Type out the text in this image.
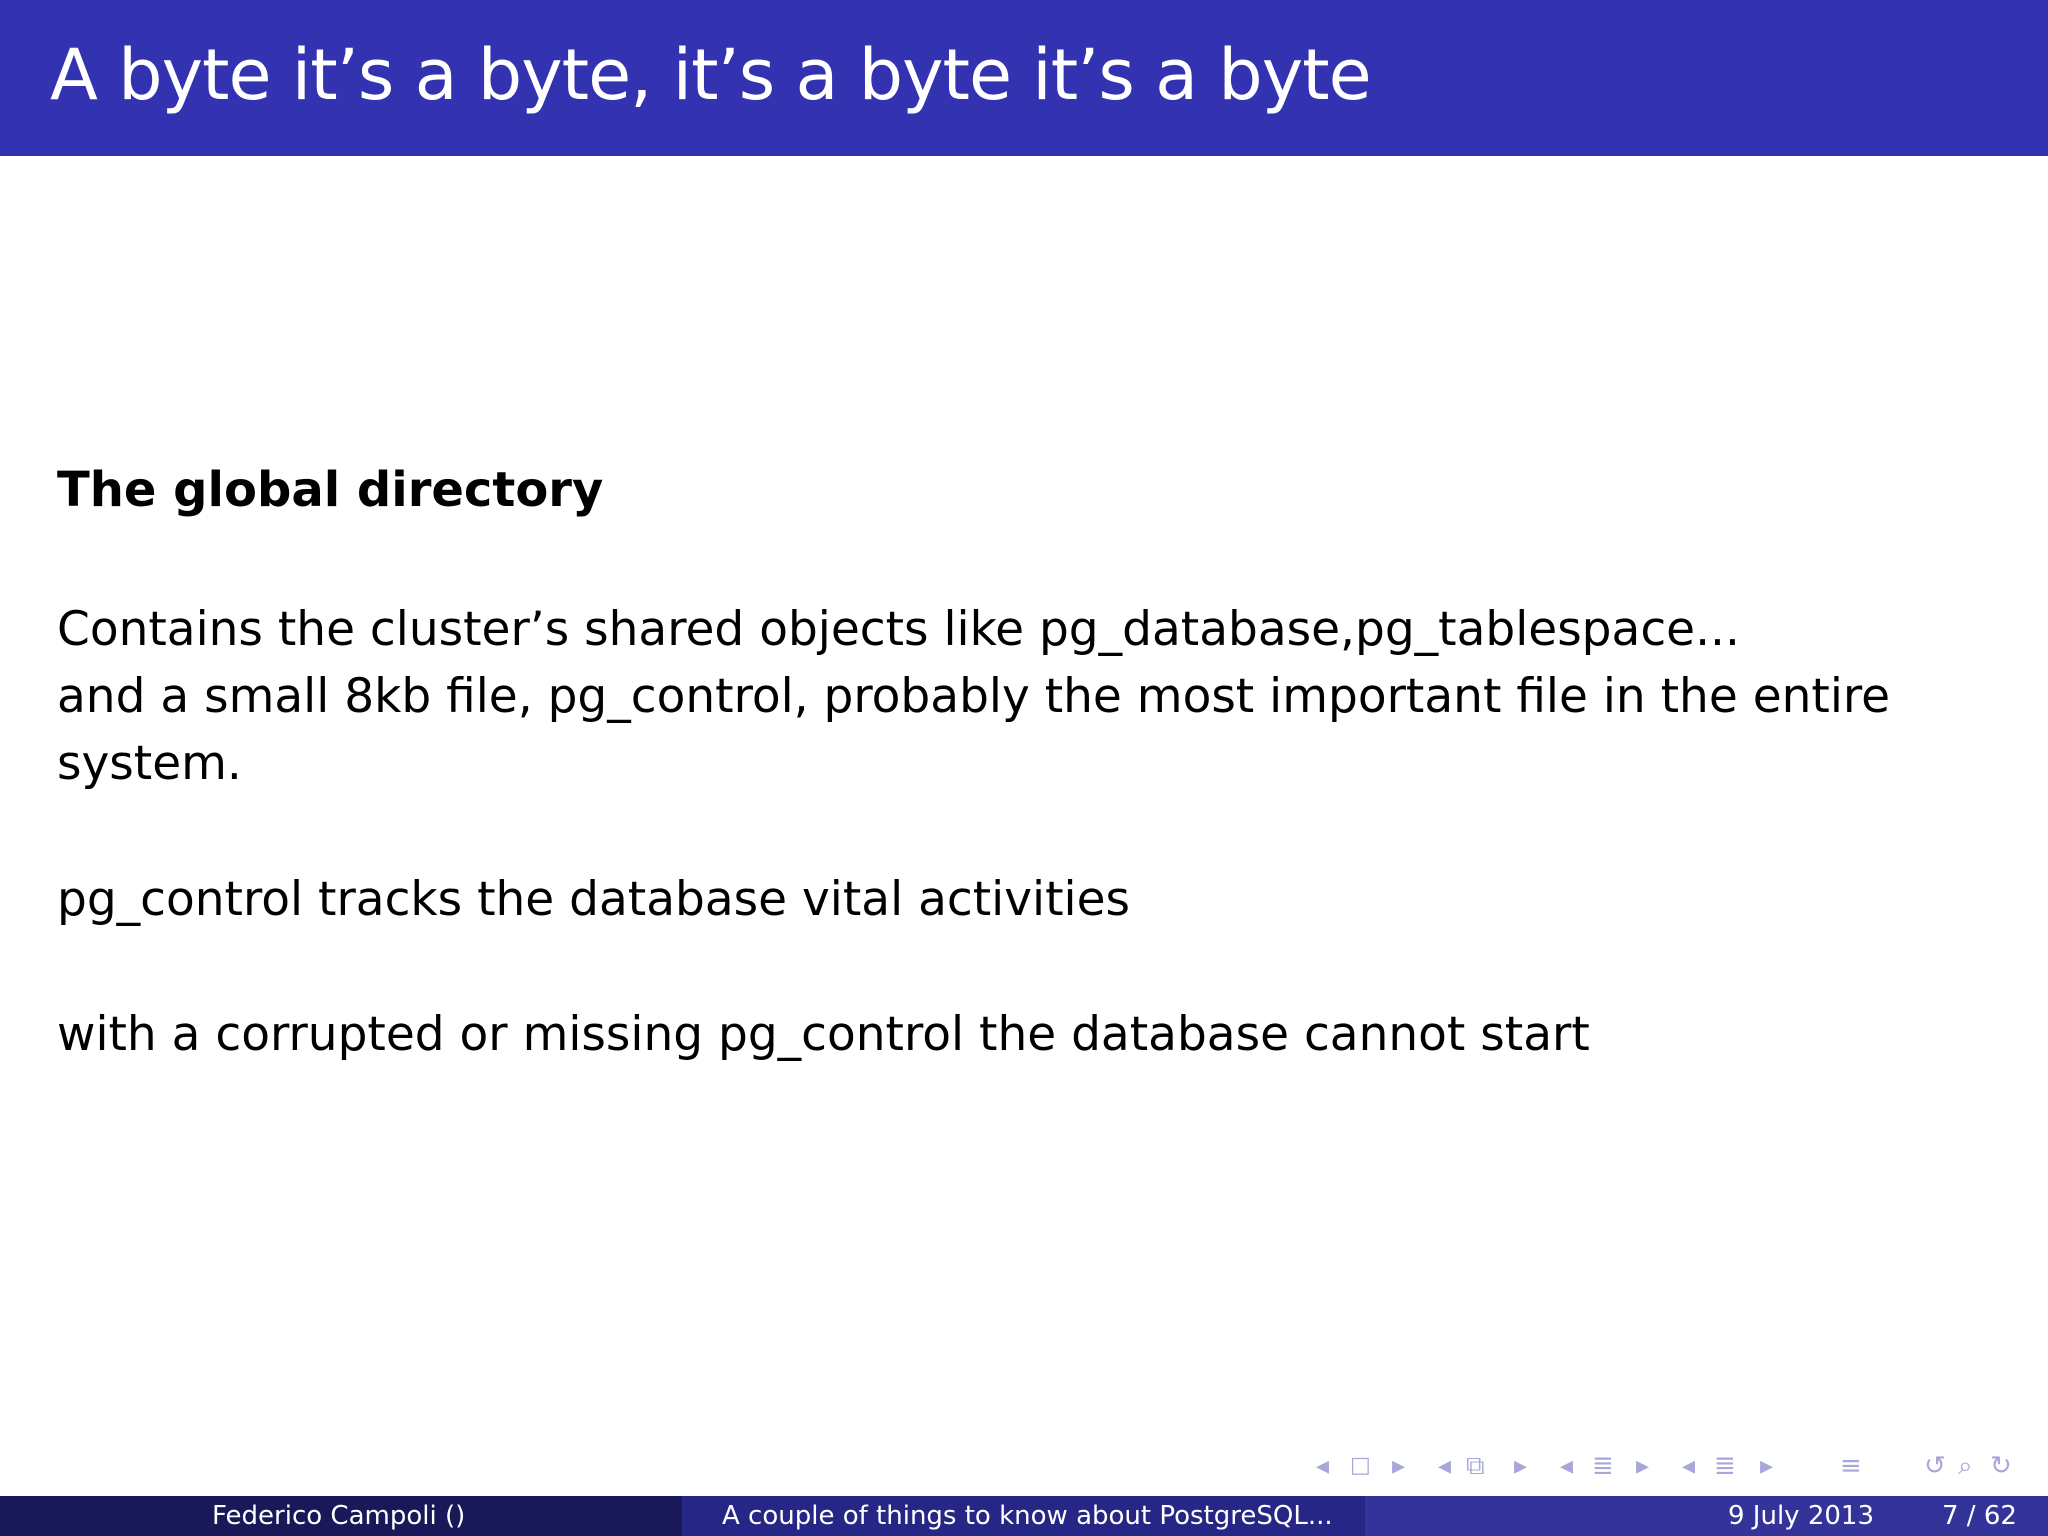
A byte it’s a byte, it’s a byte it’s a byte
The global directory
Contains the cluster’s shared objects like pg_database,pg_tablespace...
and a small 8kb file, pg_control, probably the most important file in the entire
system.
pg_control tracks the database vital activities
with a corrupted or missing pg_control the database cannot start
◂ □ ▸ ◂ ⧉ ▸ ◂ ≣ ▸ ◂ ≣ ▸	≡ ↺ ⌕ ↻
Federico Campoli ()	A couple of things to know about PostgreSQL...	9 July 2013	7 / 62
